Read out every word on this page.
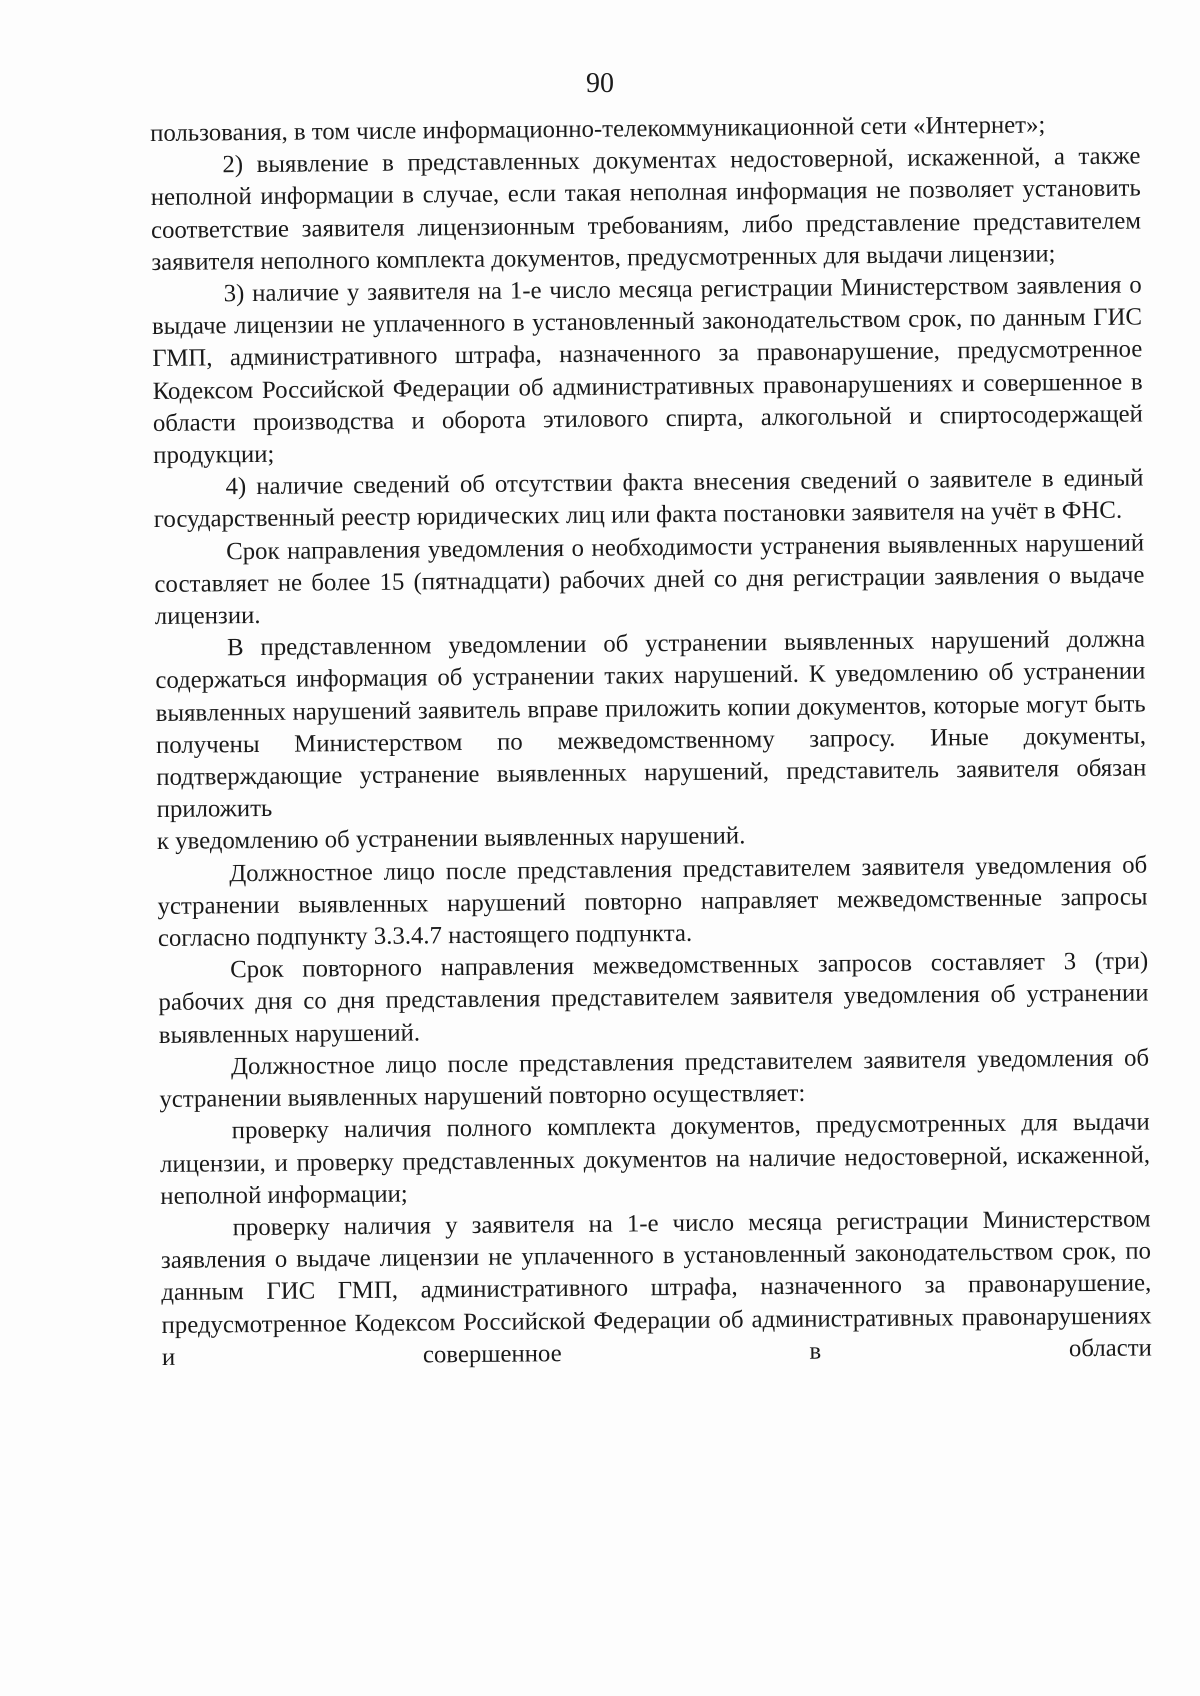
90

пользования, в том числе информационно-телекоммуникационной сети «Интернет»;

2) выявление в представленных документах недостоверной, искаженной, а также неполной информации в случае, если такая неполная информация не позволяет установить соответствие заявителя лицензионным требованиям, либо представление представителем заявителя неполного комплекта документов, предусмотренных для выдачи лицензии;

3) наличие у заявителя на 1-е число месяца регистрации Министерством заявления о выдаче лицензии не уплаченного в установленный законодательством срок, по данным ГИС ГМП, административного штрафа, назначенного за правонарушение, предусмотренное Кодексом Российской Федерации об административных правонарушениях и совершенное в области производства и оборота этилового спирта, алкогольной и спиртосодержащей продукции;

4) наличие сведений об отсутствии факта внесения сведений о заявителе в единый государственный реестр юридических лиц или факта постановки заявителя на учёт в ФНС.

Срок направления уведомления о необходимости устранения выявленных нарушений составляет не более 15 (пятнадцати) рабочих дней со дня регистрации заявления о выдаче лицензии.

В представленном уведомлении об устранении выявленных нарушений должна содержаться информация об устранении таких нарушений. К уведомлению об устранении выявленных нарушений заявитель вправе приложить копии документов, которые могут быть получены Министерством по межведомственному запросу. Иные документы, подтверждающие устранение выявленных нарушений, представитель заявителя обязан приложить

к уведомлению об устранении выявленных нарушений.

Должностное лицо после представления представителем заявителя уведомления об устранении выявленных нарушений повторно направляет межведомственные запросы согласно подпункту 3.3.4.7 настоящего подпункта.

Срок повторного направления межведомственных запросов составляет 3 (три) рабочих дня со дня представления представителем заявителя уведомления об устранении выявленных нарушений.

Должностное лицо после представления представителем заявителя уведомления об устранении выявленных нарушений повторно осуществляет:

проверку наличия полного комплекта документов, предусмотренных для выдачи лицензии, и проверку представленных документов на наличие недостоверной, искаженной, неполной информации;

проверку наличия у заявителя на 1-е число месяца регистрации Министерством заявления о выдаче лицензии не уплаченного в установленный законодательством срок, по данным ГИС ГМП, административного штрафа, назначенного за правонарушение, предусмотренное Кодексом Российской Федерации об административных правонарушениях и совершенное в области
